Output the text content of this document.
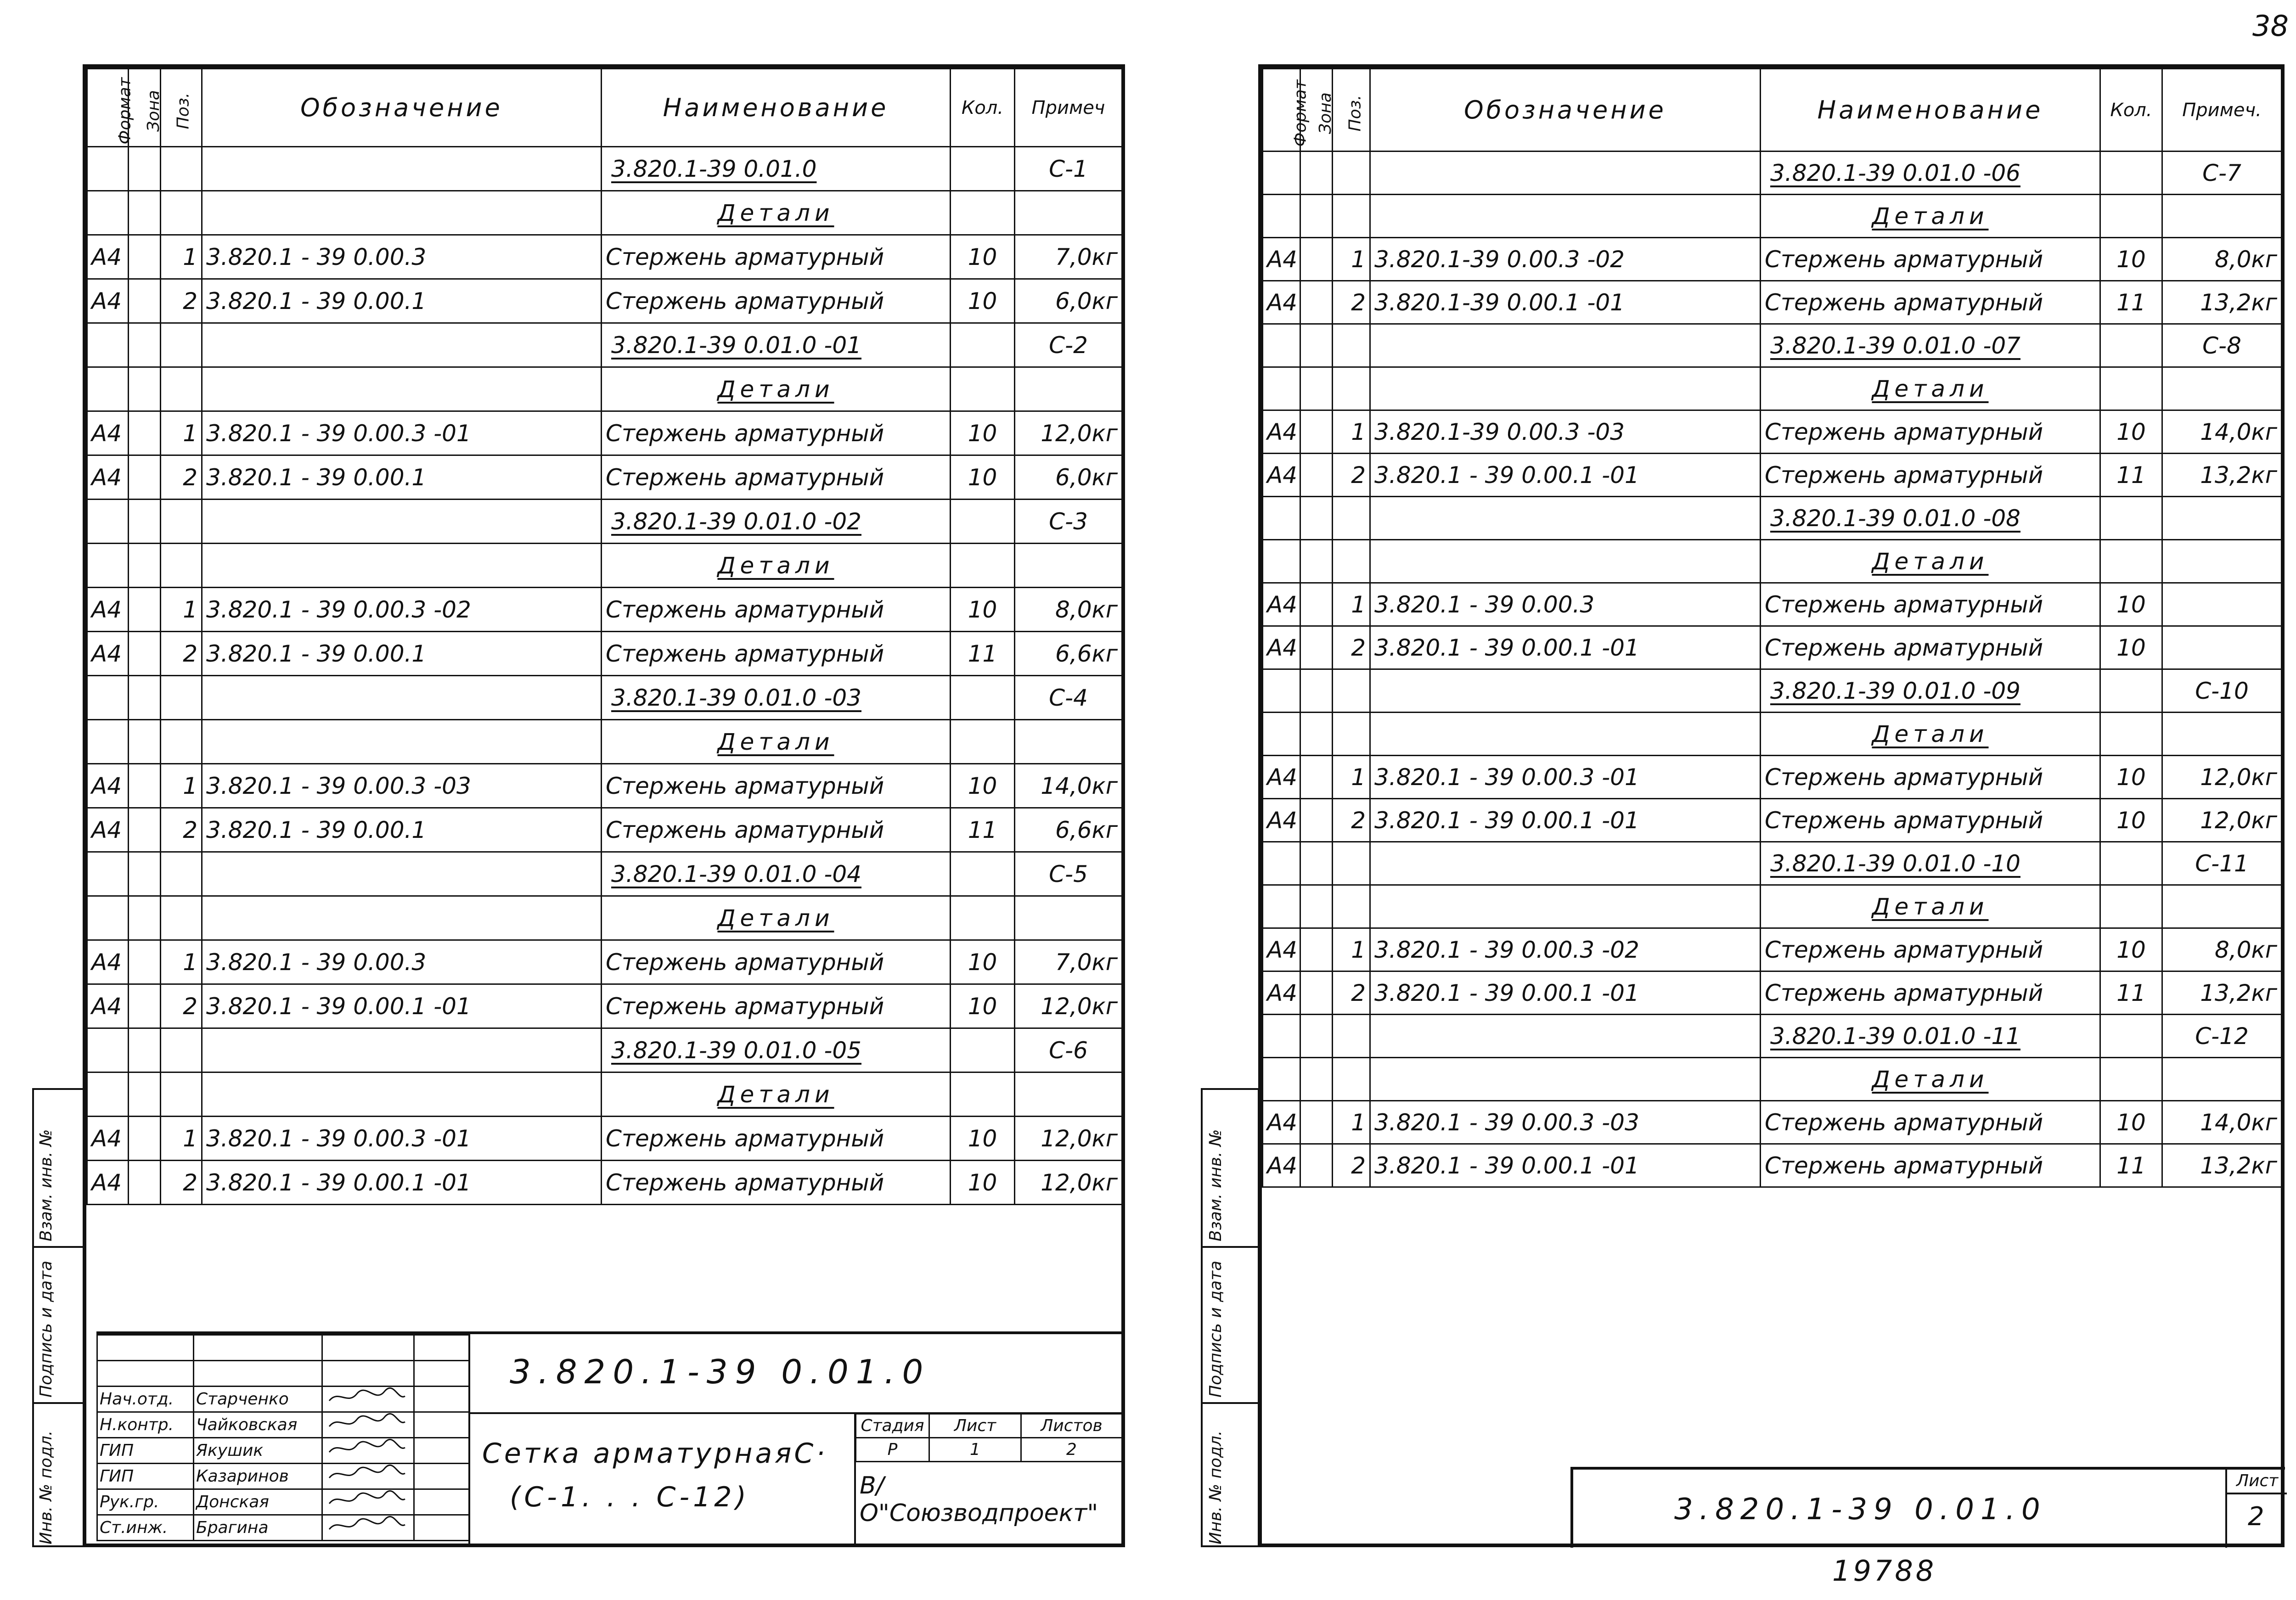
38
19788
Формат	Зона	Поз.	Обозначение	Наименование	Кол.	Примеч
				3.820.1-39 0.01.0		С-1
				Детали		
А4		1	3.820.1 - 39 0.00.3	Стержень арматурный	10	7,0кг
А4		2	3.820.1 - 39 0.00.1	Стержень арматурный	10	6,0кг
				3.820.1-39 0.01.0 -01		С-2
				Детали		
А4		1	3.820.1 - 39 0.00.3 -01	Стержень арматурный	10	12,0кг
А4		2	3.820.1 - 39 0.00.1	Стержень арматурный	10	6,0кг
				3.820.1-39 0.01.0 -02		С-3
				Детали		
А4		1	3.820.1 - 39 0.00.3 -02	Стержень арматурный	10	8,0кг
А4		2	3.820.1 - 39 0.00.1	Стержень арматурный	11	6,6кг
				3.820.1-39 0.01.0 -03		С-4
				Детали		
А4		1	3.820.1 - 39 0.00.3 -03	Стержень арматурный	10	14,0кг
А4		2	3.820.1 - 39 0.00.1	Стержень арматурный	11	6,6кг
				3.820.1-39 0.01.0 -04		С-5
				Детали		
А4		1	3.820.1 - 39 0.00.3	Стержень арматурный	10	7,0кг
А4		2	3.820.1 - 39 0.00.1 -01	Стержень арматурный	10	12,0кг
				3.820.1-39 0.01.0 -05		С-6
				Детали		
А4		1	3.820.1 - 39 0.00.3 -01	Стержень арматурный	10	12,0кг
А4		2	3.820.1 - 39 0.00.1 -01	Стержень арматурный	10	12,0кг
Взам. инв. №
Подпись и дата
Инв. № подл.

Нач.отд.	Старченко		
Н.контр.	Чайковская		
ГИП	Якушик		
ГИП	Казаринов		
Рук.гр.	Донская		
Ст.инж.	Брагина		
3.820.1-39 0.01.0
Сетка арматурнаяС·
(С-1. . . С-12)
Стадия	Лист	Листов
Р	1	2
В/О"Союзводпроект"
Формат	Зона	Поз.	Обозначение	Наименование	Кол.	Примеч.
				3.820.1-39 0.01.0 -06		С-7
				Детали		
А4		1	3.820.1-39 0.00.3 -02	Стержень арматурный	10	8,0кг
А4		2	3.820.1-39 0.00.1 -01	Стержень арматурный	11	13,2кг
				3.820.1-39 0.01.0 -07		С-8
				Детали		
А4		1	3.820.1-39 0.00.3 -03	Стержень арматурный	10	14,0кг
А4		2	3.820.1 - 39 0.00.1 -01	Стержень арматурный	11	13,2кг
				3.820.1-39 0.01.0 -08		
				Детали		
А4		1	3.820.1 - 39 0.00.3	Стержень арматурный	10	
А4		2	3.820.1 - 39 0.00.1 -01	Стержень арматурный	10	
				3.820.1-39 0.01.0 -09		С-10
				Детали		
А4		1	3.820.1 - 39 0.00.3 -01	Стержень арматурный	10	12,0кг
А4		2	3.820.1 - 39 0.00.1 -01	Стержень арматурный	10	12,0кг
				3.820.1-39 0.01.0 -10		С-11
				Детали		
А4		1	3.820.1 - 39 0.00.3 -02	Стержень арматурный	10	8,0кг
А4		2	3.820.1 - 39 0.00.1 -01	Стержень арматурный	11	13,2кг
				3.820.1-39 0.01.0 -11		С-12
				Детали		
А4		1	3.820.1 - 39 0.00.3 -03	Стержень арматурный	10	14,0кг
А4		2	3.820.1 - 39 0.00.1 -01	Стержень арматурный	11	13,2кг
Взам. инв. №
Подпись и дата
Инв. № подл.	3.820.1-39 0.01.0
Лист
2
